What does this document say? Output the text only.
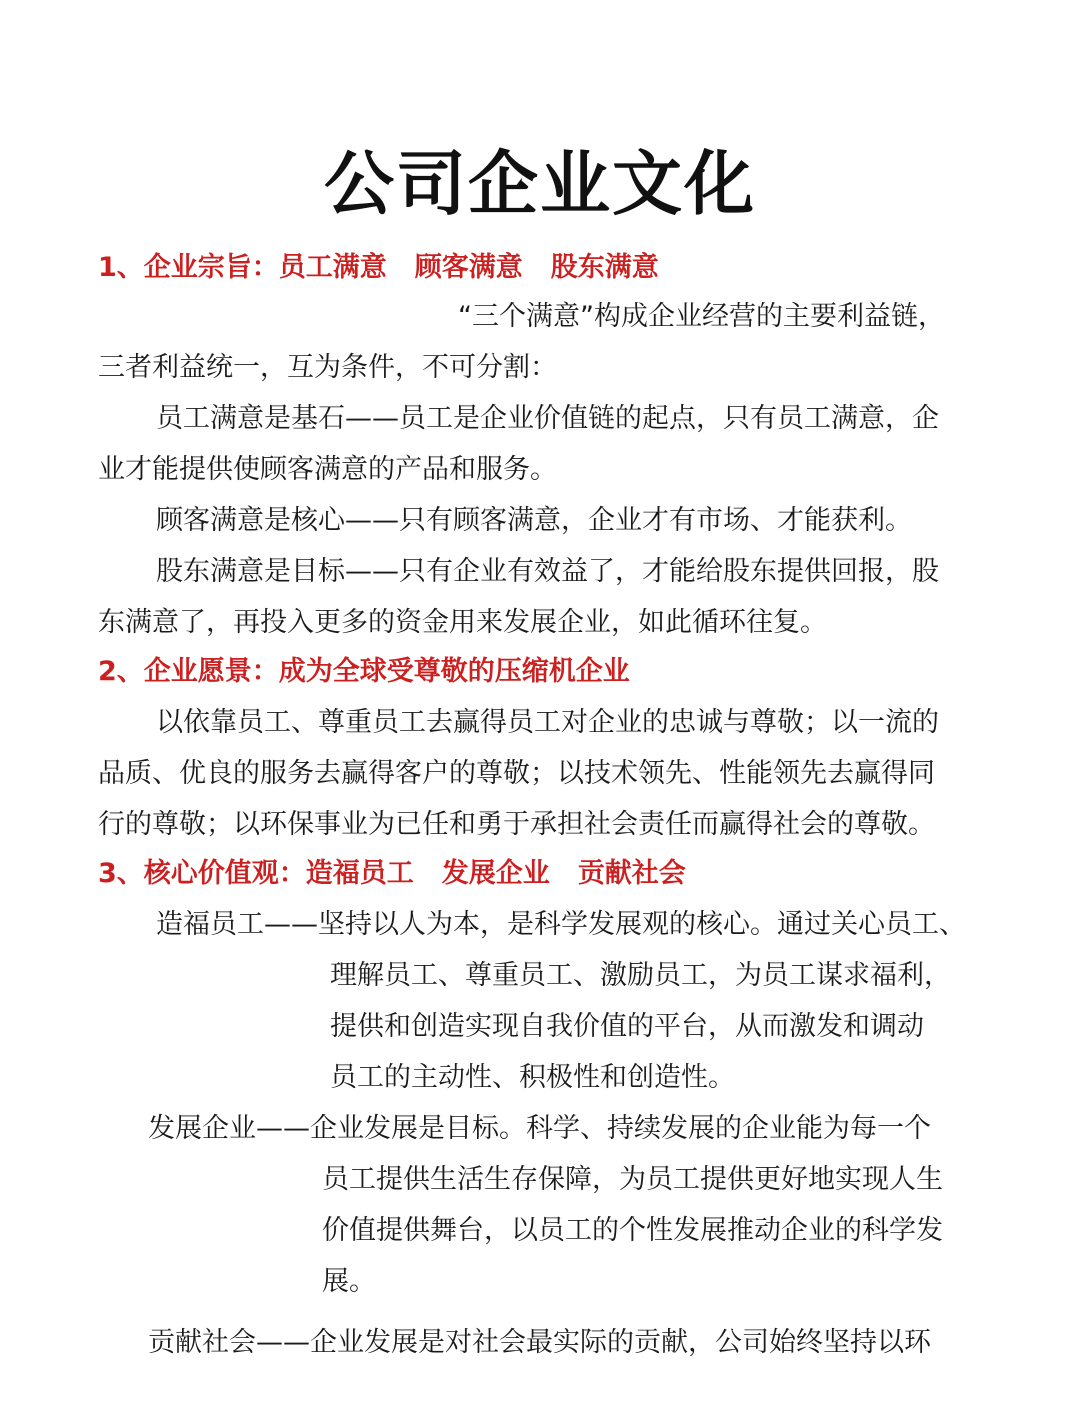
公司企业文化
1、企业宗旨：员工满意 顾客满意 股东满意
“三个满意”构成企业经营的主要利益链，
三者利益统一，互为条件，不可分割：
员工满意是基石——员工是企业价值链的起点，只有员工满意，企
业才能提供使顾客满意的产品和服务。
顾客满意是核心——只有顾客满意，企业才有市场、才能获利。
股东满意是目标——只有企业有效益了，才能给股东提供回报，股
东满意了，再投入更多的资金用来发展企业，如此循环往复。
2、企业愿景：成为全球受尊敬的压缩机企业
以依靠员工、尊重员工去赢得员工对企业的忠诚与尊敬；以一流的
品质、优良的服务去赢得客户的尊敬；以技术领先、性能领先去赢得同
行的尊敬；以环保事业为已任和勇于承担社会责任而赢得社会的尊敬。
3、核心价值观：造福员工 发展企业 贡献社会
造福员工——坚持以人为本，是科学发展观的核心。通过关心员工、
理解员工、尊重员工、激励员工，为员工谋求福利，
提供和创造实现自我价值的平台，从而激发和调动
员工的主动性、积极性和创造性。
发展企业——企业发展是目标。科学、持续发展的企业能为每一个
员工提供生活生存保障，为员工提供更好地实现人生
价值提供舞台，以员工的个性发展推动企业的科学发
展。
贡献社会——企业发展是对社会最实际的贡献，公司始终坚持以环
